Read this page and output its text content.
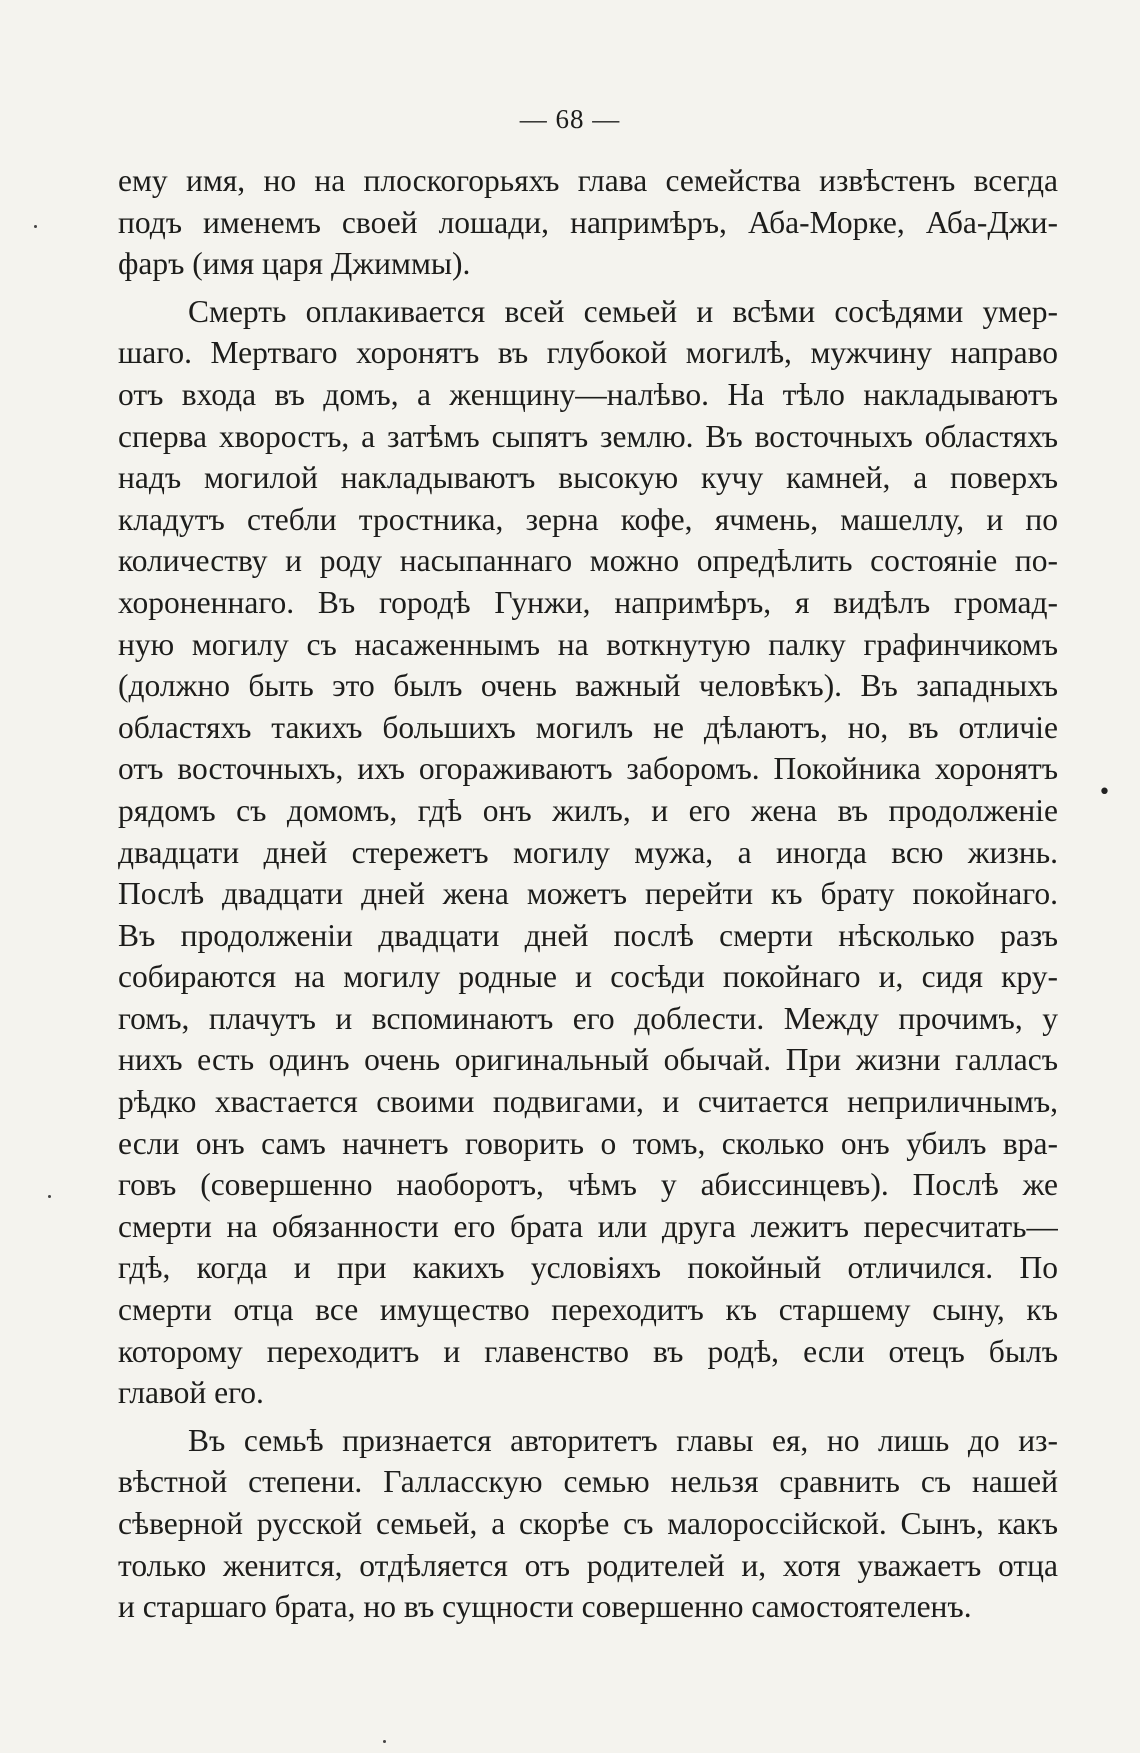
— 68 —
ему имя, но на плоскогорьяхъ глава семейства извѣстенъ всегда
подъ именемъ своей лошади, напримѣръ, Аба-Морке, Аба-Джи-
фаръ (имя царя Джиммы).
Смерть оплакивается всей семьей и всѣми сосѣдями умер-
шаго. Мертваго хоронятъ въ глубокой могилѣ, мужчину направо
отъ входа въ домъ, а женщину—налѣво. На тѣло накладываютъ
сперва хворостъ, а затѣмъ сыпятъ землю. Въ восточныхъ областяхъ
надъ могилой накладываютъ высокую кучу камней, а поверхъ
кладутъ стебли тростника, зерна кофе, ячмень, машеллу, и по
количеству и роду насыпаннаго можно опредѣлить состояніе по-
хороненнаго. Въ городѣ Гунжи, напримѣръ, я видѣлъ громад-
ную могилу съ насаженнымъ на воткнутую палку графинчикомъ
(должно быть это былъ очень важный человѣкъ). Въ западныхъ
областяхъ такихъ большихъ могилъ не дѣлаютъ, но, въ отличіе
отъ восточныхъ, ихъ огораживаютъ заборомъ. Покойника хоронятъ
рядомъ съ домомъ, гдѣ онъ жилъ, и его жена въ продолженіе
двадцати дней стережетъ могилу мужа, а иногда всю жизнь.
Послѣ двадцати дней жена можетъ перейти къ брату покойнаго.
Въ продолженіи двадцати дней послѣ смерти нѣсколько разъ
собираются на могилу родные и сосѣди покойнаго и, сидя кру-
гомъ, плачутъ и вспоминаютъ его доблести. Между прочимъ, у
нихъ есть одинъ очень оригинальный обычай. При жизни галласъ
рѣдко хвастается своими подвигами, и считается неприличнымъ,
если онъ самъ начнетъ говорить о томъ, сколько онъ убилъ вра-
говъ (совершенно наоборотъ, чѣмъ у абиссинцевъ). Послѣ же
смерти на обязанности его брата или друга лежитъ пересчитать—
гдѣ, когда и при какихъ условіяхъ покойный отличился. По
смерти отца все имущество переходитъ къ старшему сыну, къ
которому переходитъ и главенство въ родѣ, если отецъ былъ
главой его.
Въ семьѣ признается авторитетъ главы ея, но лишь до из-
вѣстной степени. Галласскую семью нельзя сравнить съ нашей
сѣверной русской семьей, а скорѣе съ малороссійской. Сынъ, какъ
только женится, отдѣляется отъ родителей и, хотя уважаетъ отца
и старшаго брата, но въ сущности совершенно самостоятеленъ.
•
